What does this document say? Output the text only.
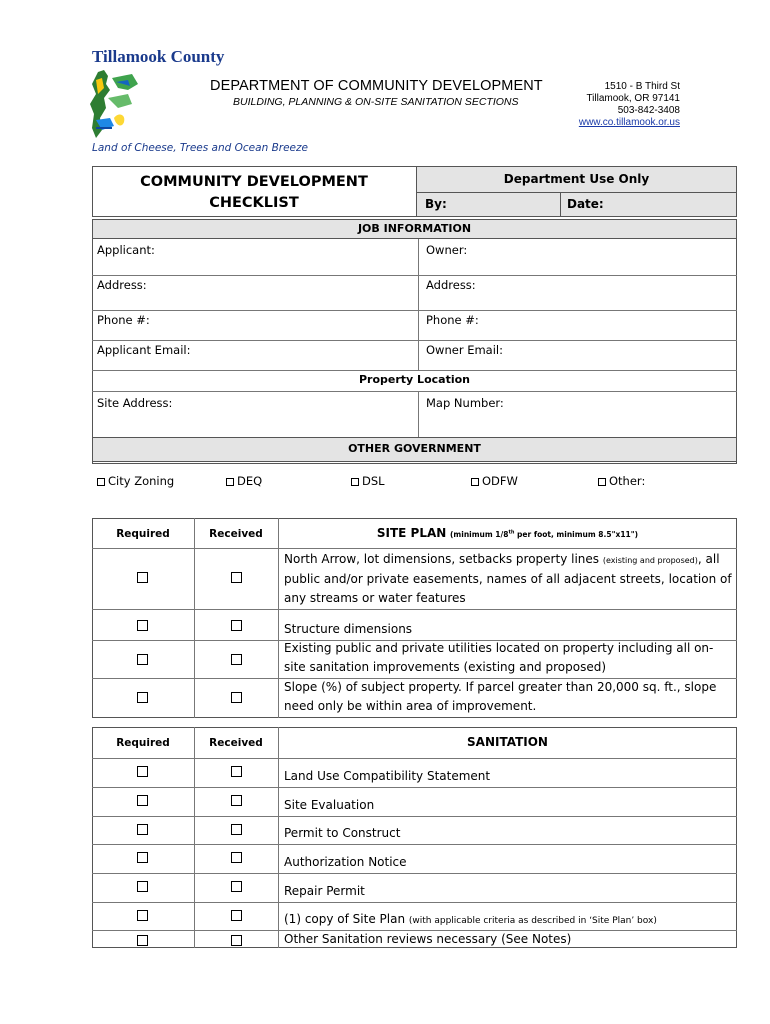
Tillamook County
DEPARTMENT OF COMMUNITY DEVELOPMENT
BUILDING, PLANNING & ON-SITE SANITATION SECTIONS
1510 - B Third St
Tillamook, OR 97141
503-842-3408
www.co.tillamook.or.us
Land of Cheese, Trees and Ocean Breeze
COMMUNITY DEVELOPMENT
CHECKLIST
Department Use Only
By:	Date:
JOB INFORMATION
Applicant:	Owner:
Address:	Address:
Phone #:	Phone #:
Applicant Email:	Owner Email:
Property Location
Site Address:	Map Number:
OTHER GOVERNMENT
City Zoning	DEQ	DSL	ODFW	Other:
Required	Received	SITE PLAN (minimum 1/8th per foot, minimum 8.5"x11")
North Arrow, lot dimensions, setbacks property lines (existing and proposed), all public and/or private easements, names of all adjacent streets, location of any streams or water features
Structure dimensions
Existing public and private utilities located on property including all on-site sanitation improvements (existing and proposed)
Slope (%) of subject property. If parcel greater than 20,000 sq. ft., slope need only be within area of improvement.
Required	Received	SANITATION
Land Use Compatibility Statement
Site Evaluation
Permit to Construct
Authorization Notice
Repair Permit
(1) copy of Site Plan (with applicable criteria as described in ‘Site Plan’ box)
Other Sanitation reviews necessary (See Notes)
